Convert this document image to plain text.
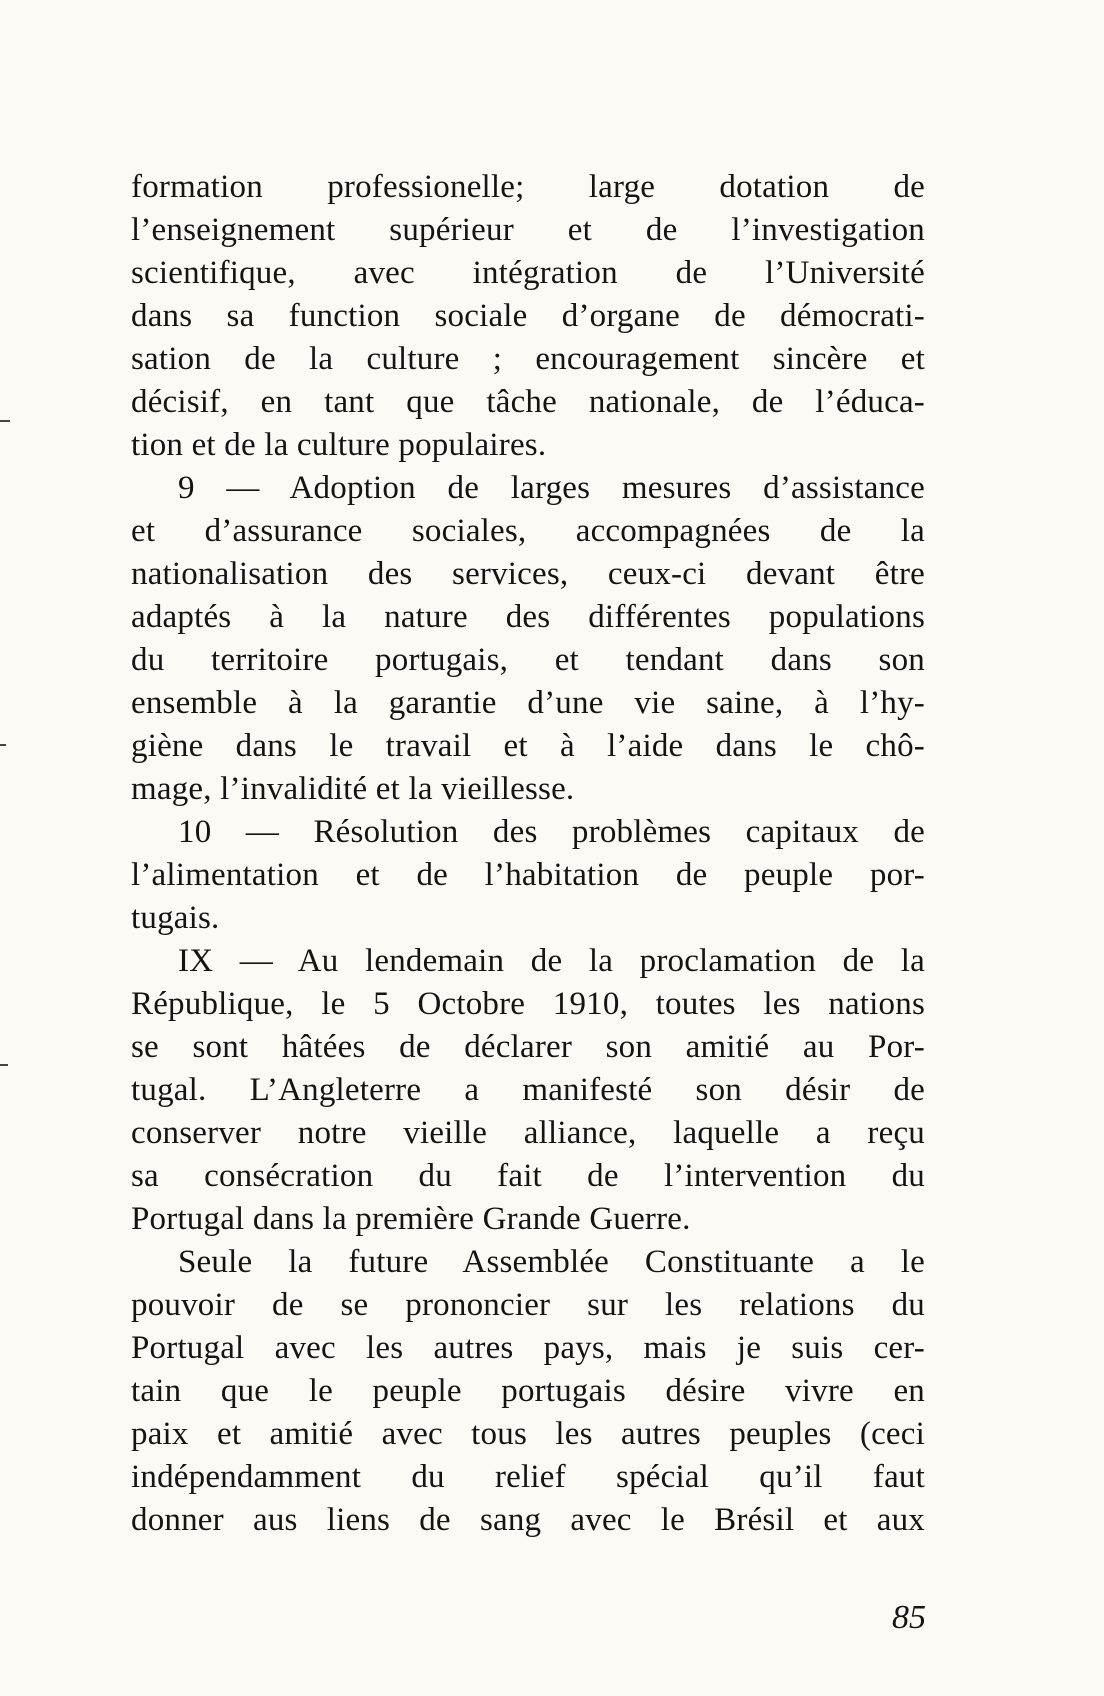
formation professionelle; large dotation de
l’enseignement supérieur et de l’investigation
scientifique, avec intégration de l’Université
dans sa function sociale d’organe de démocrati-
sation de la culture ; encouragement sincère et
décisif, en tant que tâche nationale, de l’éduca-
tion et de la culture populaires.
9 — Adoption de larges mesures d’assistance
et d’assurance sociales, accompagnées de la
nationalisation des services, ceux-ci devant être
adaptés à la nature des différentes populations
du territoire portugais, et tendant dans son
ensemble à la garantie d’une vie saine, à l’hy-
giène dans le travail et à l’aide dans le chô-
mage, l’invalidité et la vieillesse.
10 — Résolution des problèmes capitaux de
l’alimentation et de l’habitation de peuple por-
tugais.
IX — Au lendemain de la proclamation de la
République, le 5 Octobre 1910, toutes les nations
se sont hâtées de déclarer son amitié au Por-
tugal. L’Angleterre a manifesté son désir de
conserver notre vieille alliance, laquelle a reçu
sa consécration du fait de l’intervention du
Portugal dans la première Grande Guerre.
Seule la future Assemblée Constituante a le
pouvoir de se prononcier sur les relations du
Portugal avec les autres pays, mais je suis cer-
tain que le peuple portugais désire vivre en
paix et amitié avec tous les autres peuples (ceci
indépendamment du relief spécial qu’il faut
donner aus liens de sang avec le Brésil et aux
85
